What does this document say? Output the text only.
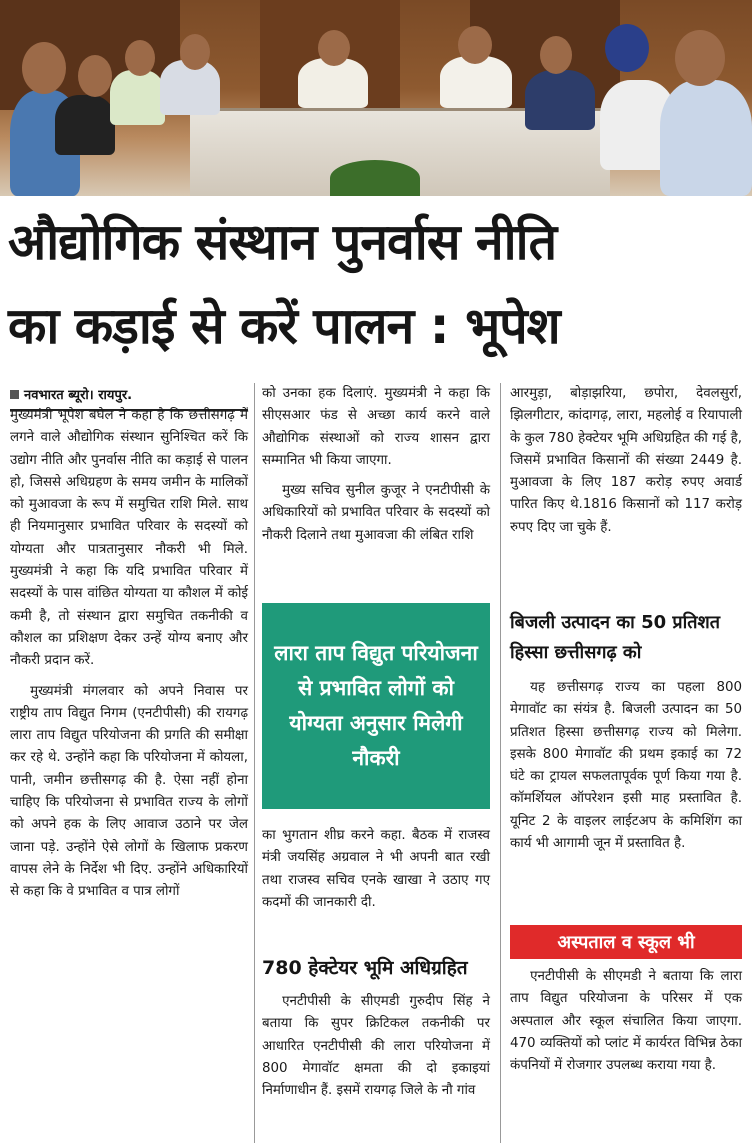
औद्योगिक संस्थान पुनर्वास नीति
का कड़ाई से करें पालन : भूपेश
नवभारत ब्यूरो। रायपुर.

मुख्यमंत्री भूपेश बघेल ने कहा है कि छत्तीसगढ़ में लगने वाले औद्योगिक संस्थान सुनिश्चित करें कि उद्योग नीति और पुनर्वास नीति का कड़ाई से पालन हो, जिससे अधिग्रहण के समय जमीन के मालिकों को मुआवजा के रूप में समुचित राशि मिले. साथ ही नियमानुसार प्रभावित परिवार के सदस्यों को योग्यता और पात्रतानुसार नौकरी भी मिले. मुख्यमंत्री ने कहा कि यदि प्रभावित परिवार में सदस्यों के पास वांछित योग्यता या कौशल में कोई कमी है, तो संस्थान द्वारा समुचित तकनीकी व कौशल का प्रशिक्षण देकर उन्हें योग्य बनाए और नौकरी प्रदान करें.

मुख्यमंत्री मंगलवार को अपने निवास पर राष्ट्रीय ताप विद्युत निगम (एनटीपीसी) की रायगढ़ लारा ताप विद्युत परियोजना की प्रगति की समीक्षा कर रहे थे. उन्होंने कहा कि परियोजना में कोयला, पानी, जमीन छत्तीसगढ़ की है. ऐसा नहीं होना चाहिए कि परियोजना से प्रभावित राज्य के लोगों को अपने हक के लिए आवाज उठाने पर जेल जाना पड़े. उन्होंने ऐसे लोगों के खिलाफ प्रकरण वापस लेने के निर्देश भी दिए. उन्होंने अधिकारियों से कहा कि वे प्रभावित व पात्र लोगों

को उनका हक दिलाएं. मुख्यमंत्री ने कहा कि सीएसआर फंड से अच्छा कार्य करने वाले औद्योगिक संस्थाओं को राज्य शासन द्वारा सम्मानित भी किया जाएगा.

मुख्य सचिव सुनील कुजूर ने एनटीपीसी के अधिकारियों को प्रभावित परिवार के सदस्यों को नौकरी दिलाने तथा मुआवजा की लंबित राशि

लारा ताप विद्युत परियोजना से प्रभावित लोगों को योग्यता अनुसार मिलेगी नौकरी

का भुगतान शीघ्र करने कहा. बैठक में राजस्व मंत्री जयसिंह अग्रवाल ने भी अपनी बात रखी तथा राजस्व सचिव एनके खाखा ने उठाए गए कदमों की जानकारी दी.

780 हेक्टेयर भूमि अधिग्रहित

एनटीपीसी के सीएमडी गुरुदीप सिंह ने बताया कि सुपर क्रिटिकल तकनीकी पर आधारित एनटीपीसी की लारा परियोजना में 800 मेगावॉट क्षमता की दो इकाइयां निर्माणाधीन हैं. इसमें रायगढ़ जिले के नौ गांव

आरमुड़ा, बोड़ाझरिया, छपोरा, देवलसुर्रा, झिलगीटार, कांदागढ़, लारा, महलोई व रियापाली के कुल 780 हेक्टेयर भूमि अधिग्रहित की गई है, जिसमें प्रभावित किसानों की संख्या 2449 है. मुआवजा के लिए 187 करोड़ रुपए अवार्ड पारित किए थे.1816 किसानों को 117 करोड़ रुपए दिए जा चुके हैं.

बिजली उत्पादन का 50 प्रतिशत हिस्सा छत्तीसगढ़ को

यह छत्तीसगढ़ राज्य का पहला 800 मेगावॉट का संयंत्र है. बिजली उत्पादन का 50 प्रतिशत हिस्सा छत्तीसगढ़ राज्य को मिलेगा. इसके 800 मेगावॉट की प्रथम इकाई का 72 घंटे का ट्रायल सफलतापूर्वक पूर्ण किया गया है. कॉमर्शियल ऑपरेशन इसी माह प्रस्तावित है. यूनिट 2 के वाइलर लाईटअप के कमिशिंग का कार्य भी आगामी जून में प्रस्तावित है.

अस्पताल व स्कूल भी

एनटीपीसी के सीएमडी ने बताया कि लारा ताप विद्युत परियोजना के परिसर में एक अस्पताल और स्कूल संचालित किया जाएगा. 470 व्यक्तियों को प्लांट में कार्यरत विभिन्न ठेका कंपनियों में रोजगार उपलब्ध कराया गया है.
